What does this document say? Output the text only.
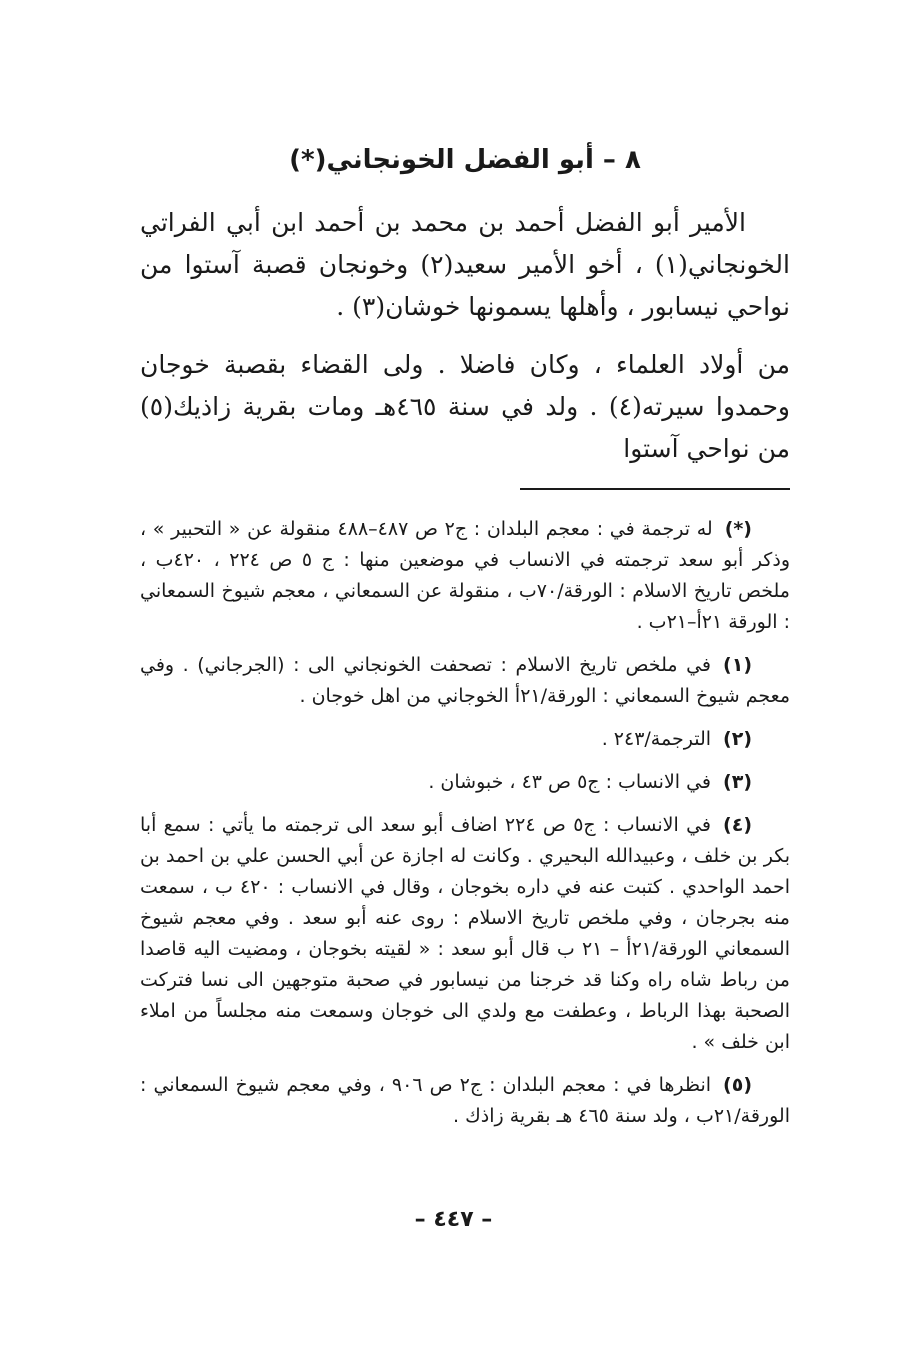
٨ – أبو الفضل الخونجاني(*)

الأمير أبو الفضل أحمد بن محمد بن أحمد ابن أبي الفراتي الخونجاني(١) ، أخو الأمير سعيد(٢) وخونجان قصبة آستوا من نواحي نيسابور ، وأهلها يسمونها خوشان(٣) .

من أولاد العلماء ، وكان فاضلا . ولى القضاء بقصبة خوجان وحمدوا سيرته(٤) . ولد في سنة ٤٦٥هـ ومات بقرية زاذيك(٥) من نواحي آستوا

(*)له ترجمة في : معجم البلدان : ج٢ ص ٤٨٧–٤٨٨ منقولة عن « التحبير » ، وذكر أبو سعد ترجمته في الانساب في موضعين منها : ج ٥ ص ٢٢٤ ، ٤٢٠ب ، ملخص تاريخ الاسلام : الورقة/٧٠ب ، منقولة عن السمعاني ، معجم شيوخ السمعاني : الورقة ٢١أ–٢١ب .

(١)في ملخص تاريخ الاسلام : تصحفت الخونجاني الى : (الجرجاني) . وفي معجم شيوخ السمعاني : الورقة/٢١أ الخوجاني من اهل خوجان .

(٢)الترجمة/٢٤٣ .

(٣)في الانساب : ج٥ ص ٤٣ ، خبوشان .

(٤)في الانساب : ج٥ ص ٢٢٤ اضاف أبو سعد الى ترجمته ما يأتي : سمع أبا بكر بن خلف ، وعبيدالله البحيري . وكانت له اجازة عن أبي الحسن علي بن احمد بن احمد الواحدي . كتبت عنه في داره بخوجان ، وقال في الانساب : ٤٢٠ ب ، سمعت منه بجرجان ، وفي ملخص تاريخ الاسلام : روى عنه أبو سعد . وفي معجم شيوخ السمعاني الورقة/٢١أ – ٢١ ب قال أبو سعد : « لقيته بخوجان ، ومضيت اليه قاصدا من رباط شاه راه وكنا قد خرجنا من نيسابور في صحبة متوجهين الى نسا فتركت الصحبة بهذا الرباط ، وعطفت مع ولدي الى خوجان وسمعت منه مجلساً من املاء ابن خلف » .

(٥)انظرها في : معجم البلدان : ج٢ ص ٩٠٦ ، وفي معجم شيوخ السمعاني : الورقة/٢١ب ، ولد سنة ٤٦٥ هـ بقرية زاذك .

– ٤٤٧ –
